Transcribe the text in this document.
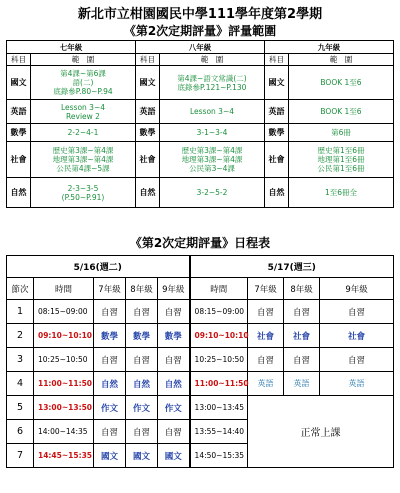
新北市立柑園國民中學111學年度第2學期
《第2次定期評量》評量範圍
七年級		八年級		九年級	
科目	範　圍	科目	範　圍	科目	範　圍
國文	第4課~第6課
語(二)
底錄參P.80~P.94	國文	第4課~語文常識(二)
底錄參P.121~P.130	國文	BOOK 1至6
英語	Lesson 3~4
Review 2	英語	Lesson 3~4	英語	BOOK 1至6
數學	2-2~4-1	數學	3-1~3-4	數學	第6冊
社會	歷史第3課~第4課
地理第3課~第4課
公民第4課~5課	社會	歷史第3課~第4課
地理第3課~第4課
公民第3~4課	社會	歷史第1至6冊
地理第1至6冊
公民第1至6冊
自然	2-3~3-5
(P.50~P.91)	自然	3-2~5-2	自然	1至6冊全
《第2次定期評量》日程表
5/16(週二)					5/17(週三)			
節次	時間	7年級	8年級	9年級	時間	7年級	8年級	9年級
1	08:15~09:00	自習	自習	自習	08:15~09:00	自習	自習	自習
2	09:10~10:10	數學	數學	數學	09:10~10:10	社會	社會	社會
3	10:25~10:50	自習	自習	自習	10:25~10:50	自習	自習	自習
4	11:00~11:50	自然	自然	自然	11:00~11:50	英語	英語	英語
5	13:00~13:50	作文	作文	作文	13:00~13:45	正常上課		
6	14:00~14:35	自習	自習	自習	13:55~14:40			
7	14:45~15:35	國文	國文	國文	14:50~15:35			
